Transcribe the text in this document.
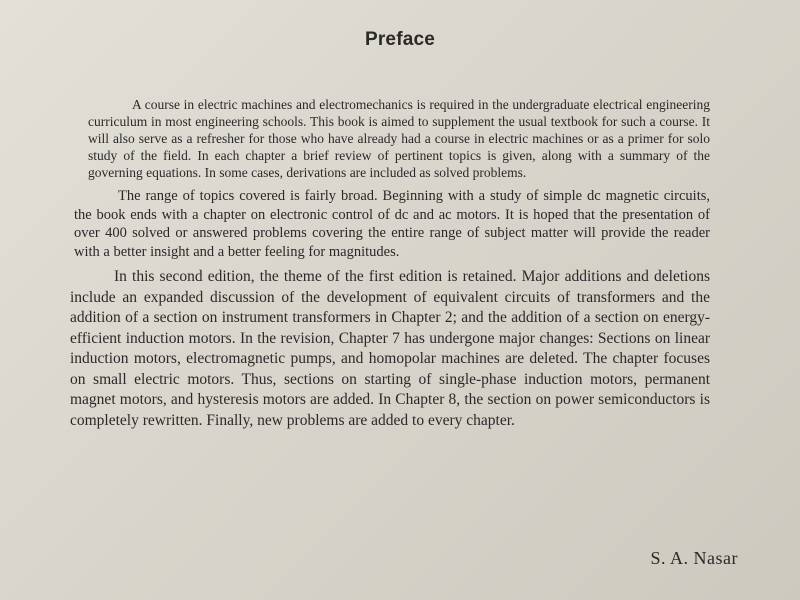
Preface

A course in electric machines and electromechanics is required in the undergraduate electrical engineering curriculum in most engineering schools. This book is aimed to supplement the usual textbook for such a course. It will also serve as a refresher for those who have already had a course in electric machines or as a primer for solo study of the field. In each chapter a brief review of pertinent topics is given, along with a summary of the governing equations. In some cases, derivations are included as solved problems.

The range of topics covered is fairly broad. Beginning with a study of simple dc magnetic circuits, the book ends with a chapter on electronic control of dc and ac motors. It is hoped that the presentation of over 400 solved or answered problems covering the entire range of subject matter will provide the reader with a better insight and a better feeling for magnitudes.

In this second edition, the theme of the first edition is retained. Major additions and deletions include an expanded discussion of the development of equivalent circuits of transformers and the addition of a section on instrument transformers in Chapter 2; and the addition of a section on energy-efficient induction motors. In the revision, Chapter 7 has undergone major changes: Sections on linear induction motors, electromagnetic pumps, and homopolar machines are deleted. The chapter focuses on small electric motors. Thus, sections on starting of single-phase induction motors, permanent magnet motors, and hysteresis motors are added. In Chapter 8, the section on power semiconductors is completely rewritten. Finally, new problems are added to every chapter.

S. A. Nasar
